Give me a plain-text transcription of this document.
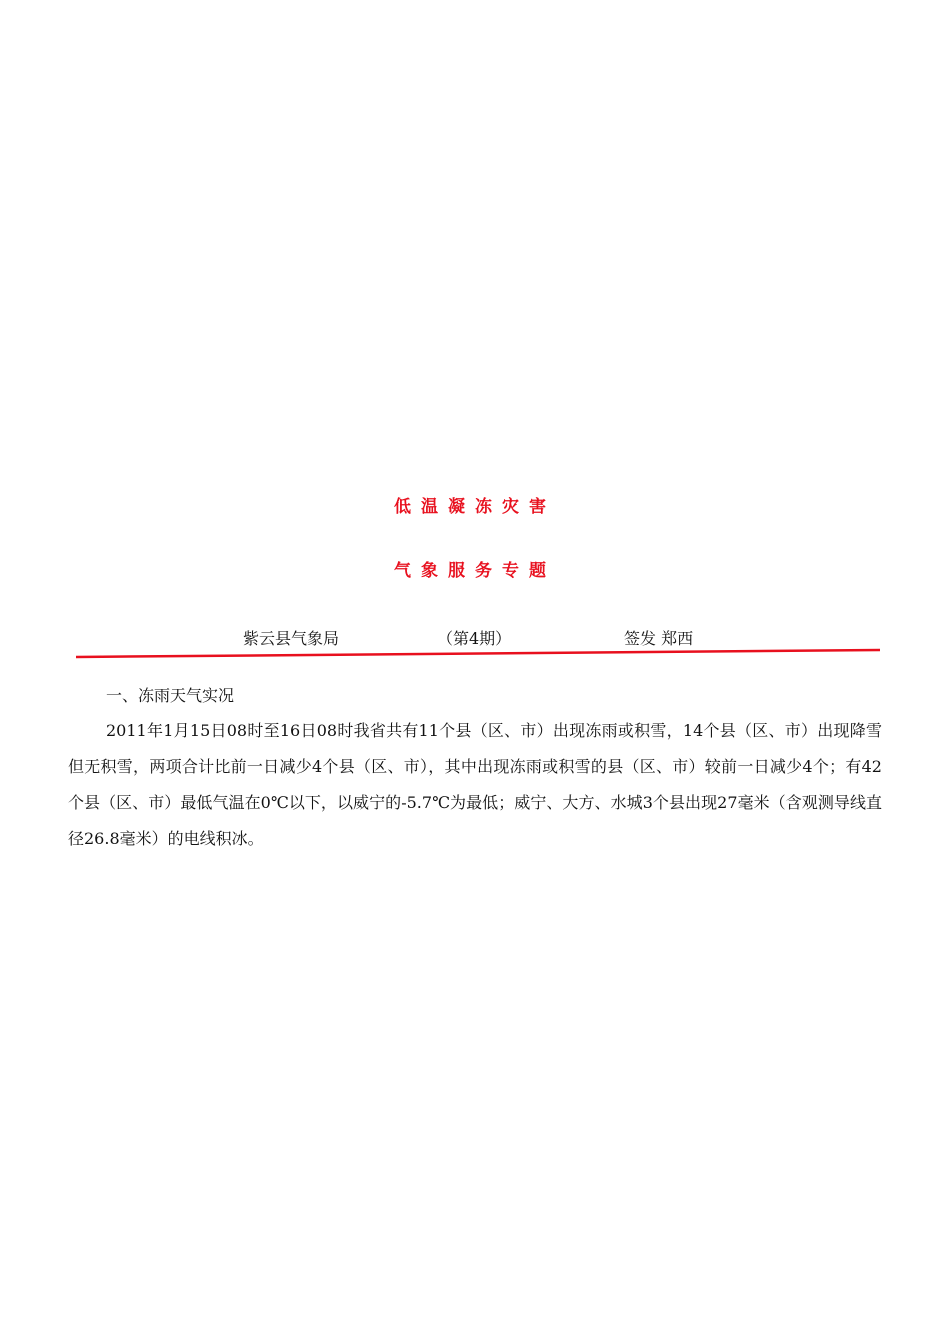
低温凝冻灾害
气象服务专题
紫云县气象局	（第4期）	签发 郑西
一、冻雨天气实况

2011年1月15日08时至16日08时我省共有11个县（区、市）出现冻雨或积雪，14个县（区、市）出现降雪但无积雪，两项合计比前一日减少4个县（区、市），其中出现冻雨或积雪的县（区、市）较前一日减少4个；有42个县（区、市）最低气温在0℃以下，以威宁的-5.7℃为最低；威宁、大方、水城3个县出现27毫米（含观测导线直径26.8毫米）的电线积冰。
